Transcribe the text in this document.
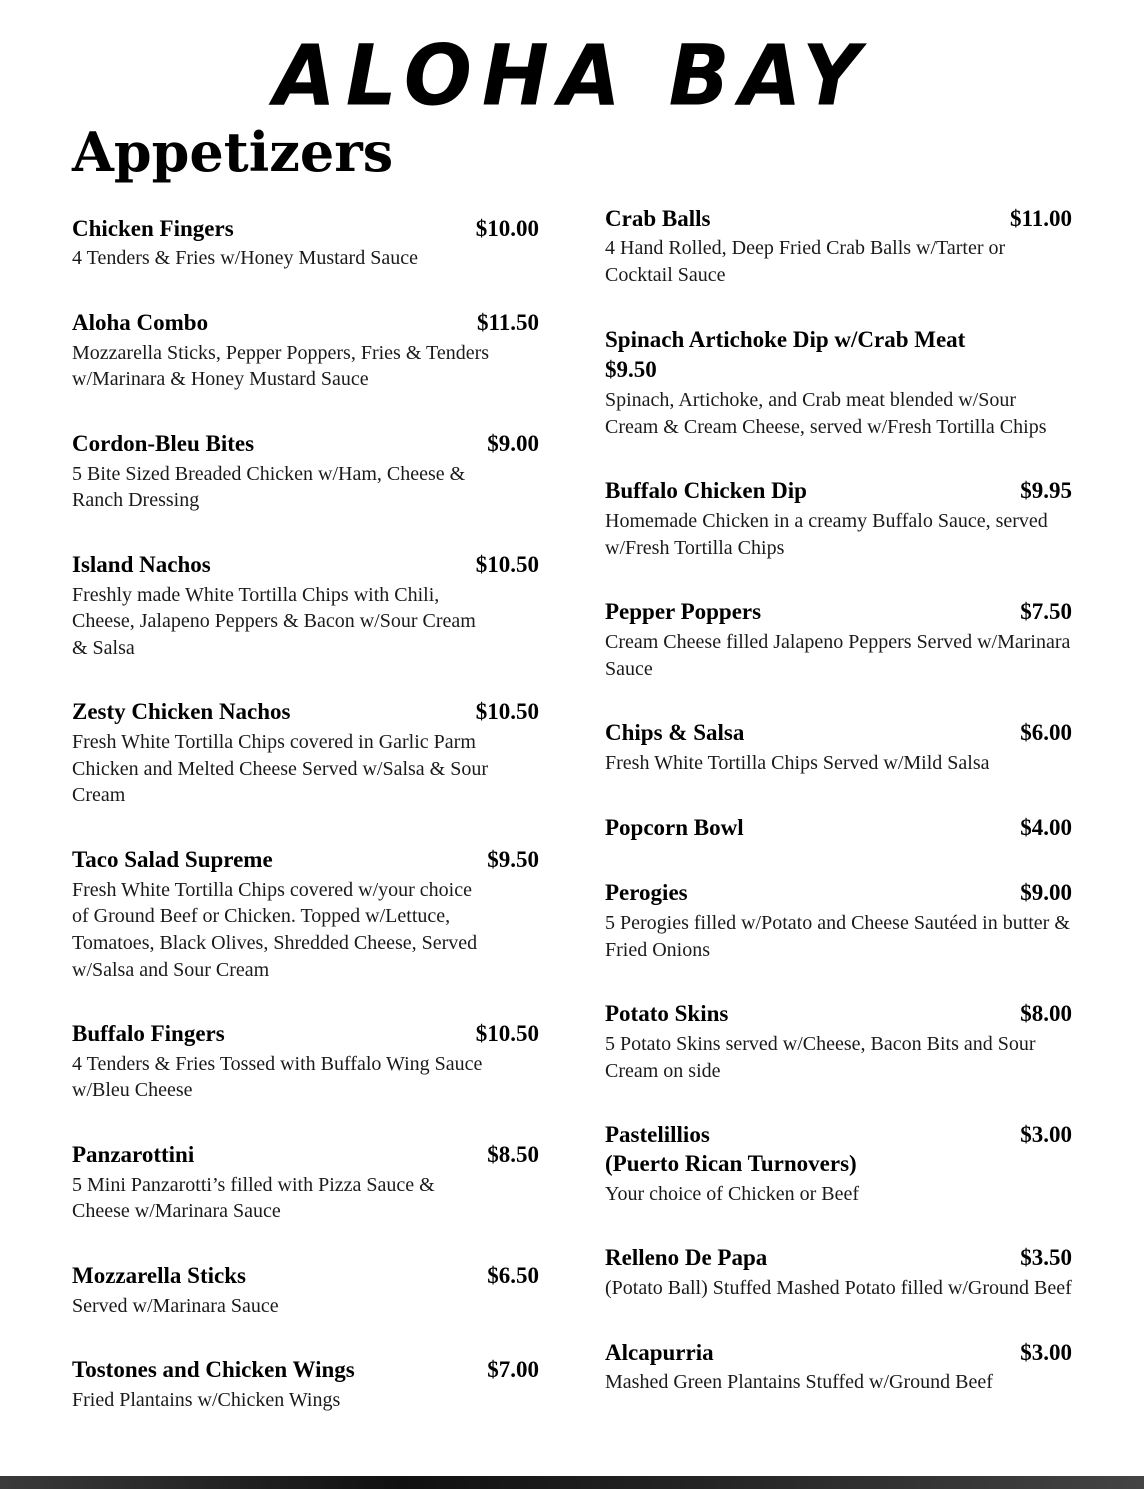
ALOHA BAY
Appetizers
Chicken Fingers	$10.00
4 Tenders & Fries w/Honey Mustard Sauce
Aloha Combo	$11.50
Mozzarella Sticks, Pepper Poppers, Fries & Tenders w/Marinara & Honey Mustard Sauce
Cordon-Bleu Bites	$9.00
5 Bite Sized Breaded Chicken w/Ham, Cheese & Ranch Dressing
Island Nachos	$10.50
Freshly made White Tortilla Chips with Chili, Cheese, Jalapeno Peppers & Bacon w/Sour Cream & Salsa
Zesty Chicken Nachos	$10.50
Fresh White Tortilla Chips covered in Garlic Parm Chicken and Melted Cheese Served w/Salsa & Sour Cream
Taco Salad Supreme	$9.50
Fresh White Tortilla Chips covered w/your choice of Ground Beef or Chicken. Topped w/Lettuce, Tomatoes, Black Olives, Shredded Cheese, Served w/Salsa and Sour Cream
Buffalo Fingers	$10.50
4 Tenders & Fries Tossed with Buffalo Wing Sauce w/Bleu Cheese
Panzarottini	$8.50
5 Mini Panzarotti’s filled with Pizza Sauce & Cheese w/Marinara Sauce
Mozzarella Sticks	$6.50
Served w/Marinara Sauce
Tostones and Chicken Wings	$7.00
Fried Plantains w/Chicken Wings
Crab Balls	$11.00
4 Hand Rolled, Deep Fried Crab Balls w/Tarter or Cocktail Sauce
Spinach Artichoke Dip w/Crab Meat
$9.50
Spinach, Artichoke, and Crab meat blended w/Sour Cream & Cream Cheese, served w/Fresh Tortilla Chips
Buffalo Chicken Dip	$9.95
Homemade Chicken in a creamy Buffalo Sauce, served w/Fresh Tortilla Chips
Pepper Poppers	$7.50
Cream Cheese filled Jalapeno Peppers Served w/Marinara Sauce
Chips & Salsa	$6.00
Fresh White Tortilla Chips Served w/Mild Salsa
Popcorn Bowl	$4.00
Perogies	$9.00
5 Perogies filled w/Potato and Cheese Sautéed in butter & Fried Onions
Potato Skins	$8.00
5 Potato Skins served w/Cheese, Bacon Bits and Sour Cream on side
Pastelillios	$3.00
(Puerto Rican Turnovers)
Your choice of Chicken or Beef
Relleno De Papa	$3.50
(Potato Ball) Stuffed Mashed Potato filled w/Ground Beef
Alcapurria	$3.00
Mashed Green Plantains Stuffed w/Ground Beef
